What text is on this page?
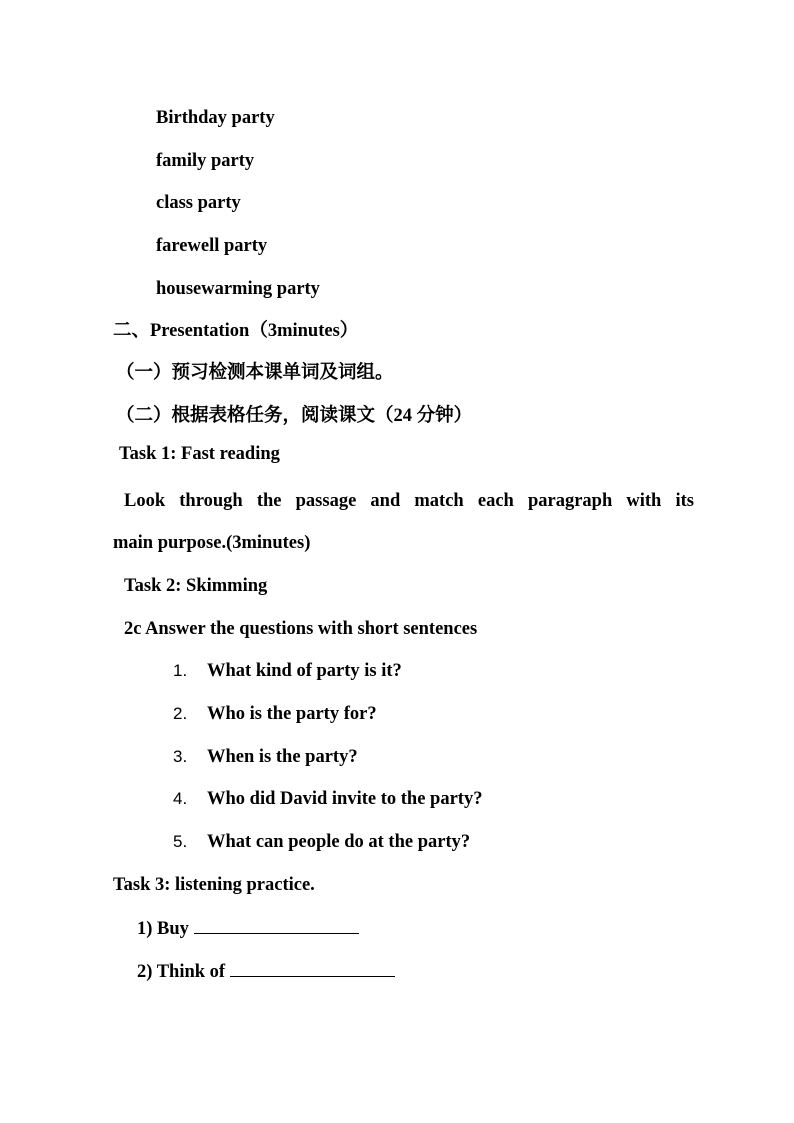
Birthday party
family party
class party
farewell party
housewarming party
二、Presentation（3minutes）
（一）预习检测本课单词及词组。
（二）根据表格任务，阅读课文（24 分钟）
Task 1: Fast reading
Look through the passage and match each paragraph with its
main purpose.(3minutes)
Task 2: Skimming
2c Answer the questions with short sentences
1. What kind of party is it?
2. Who is the party for?
3. When is the party?
4. Who did David invite to the party?
5. What can people do at the party?
Task 3: listening practice.
1) Buy
2) Think of
